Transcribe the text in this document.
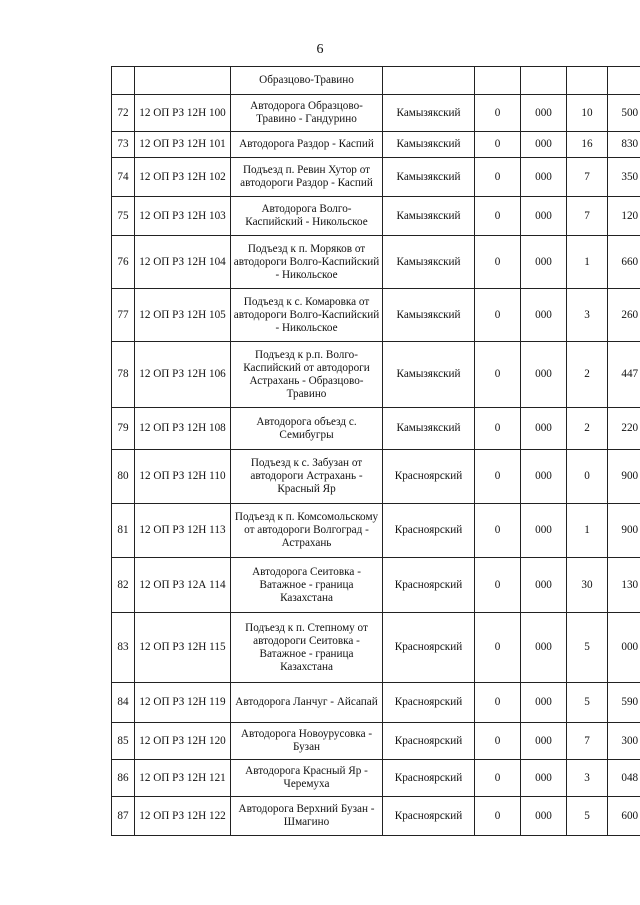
6
		Образцово-Травино					
72	12 ОП РЗ 12Н 100	Автодорога Образцово-Травино - Гандурино	Камызякский	0	000	10	500
73	12 ОП РЗ 12Н 101	Автодорога Раздор - Каспий	Камызякский	0	000	16	830
74	12 ОП РЗ 12Н 102	Подъезд п. Ревин Хутор от автодороги Раздор - Каспий	Камызякский	0	000	7	350
75	12 ОП РЗ 12Н 103	Автодорога Волго-Каспийский - Никольское	Камызякский	0	000	7	120
76	12 ОП РЗ 12Н 104	Подъезд к п. Моряков от автодороги Волго-Каспийский - Никольское	Камызякский	0	000	1	660
77	12 ОП РЗ 12Н 105	Подъезд к с. Комаровка от автодороги Волго-Каспийский - Никольское	Камызякский	0	000	3	260
78	12 ОП РЗ 12Н 106	Подъезд к р.п. Волго-Каспийский от автодороги Астрахань - Образцово-Травино	Камызякский	0	000	2	447
79	12 ОП РЗ 12Н 108	Автодорога объезд с. Семибугры	Камызякский	0	000	2	220
80	12 ОП РЗ 12Н 110	Подъезд к с. Забузан от автодороги Астрахань - Красный Яр	Красноярский	0	000	0	900
81	12 ОП РЗ 12Н 113	Подъезд к п. Комсомольскому от автодороги Волгоград - Астрахань	Красноярский	0	000	1	900
82	12 ОП РЗ 12А 114	Автодорога Сеитовка - Ватажное - граница Казахстана	Красноярский	0	000	30	130
83	12 ОП РЗ 12Н 115	Подъезд к п. Степному от автодороги Сеитовка - Ватажное - граница Казахстана	Красноярский	0	000	5	000
84	12 ОП РЗ 12Н 119	Автодорога Ланчуг - Айсапай	Красноярский	0	000	5	590
85	12 ОП РЗ 12Н 120	Автодорога Новоурусовка - Бузан	Красноярский	0	000	7	300
86	12 ОП РЗ 12Н 121	Автодорога Красный Яр - Черемуха	Красноярский	0	000	3	048
87	12 ОП РЗ 12Н 122	Автодорога Верхний Бузан - Шмагино	Красноярский	0	000	5	600
